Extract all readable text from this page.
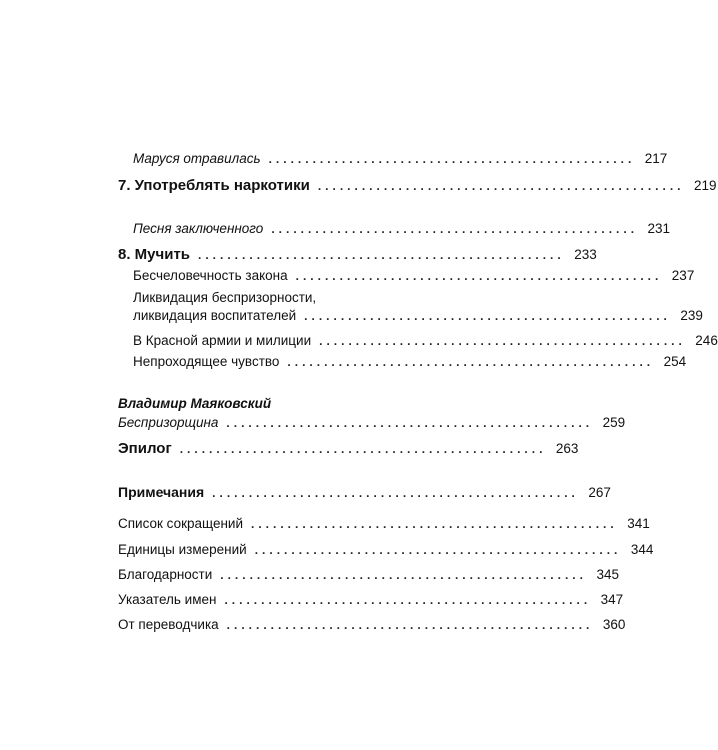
Маруся отравилась .................................................. 217
7. Употреблять наркотики .................................................. 219
Песня заключенного .................................................. 231
8. Мучить .................................................. 233
Бесчеловечность закона .................................................. 237
Ликвидация беспризорности,
ликвидация воспитателей .................................................. 239
В Красной армии и милиции .................................................. 246
Непроходящее чувство .................................................. 254
Владимир Маяковский
Беспризорщина .................................................. 259
Эпилог .................................................. 263
Примечания .................................................. 267
Список сокращений .................................................. 341
Единицы измерений .................................................. 344
Благодарности .................................................. 345
Указатель имен .................................................. 347
От переводчика .................................................. 360
